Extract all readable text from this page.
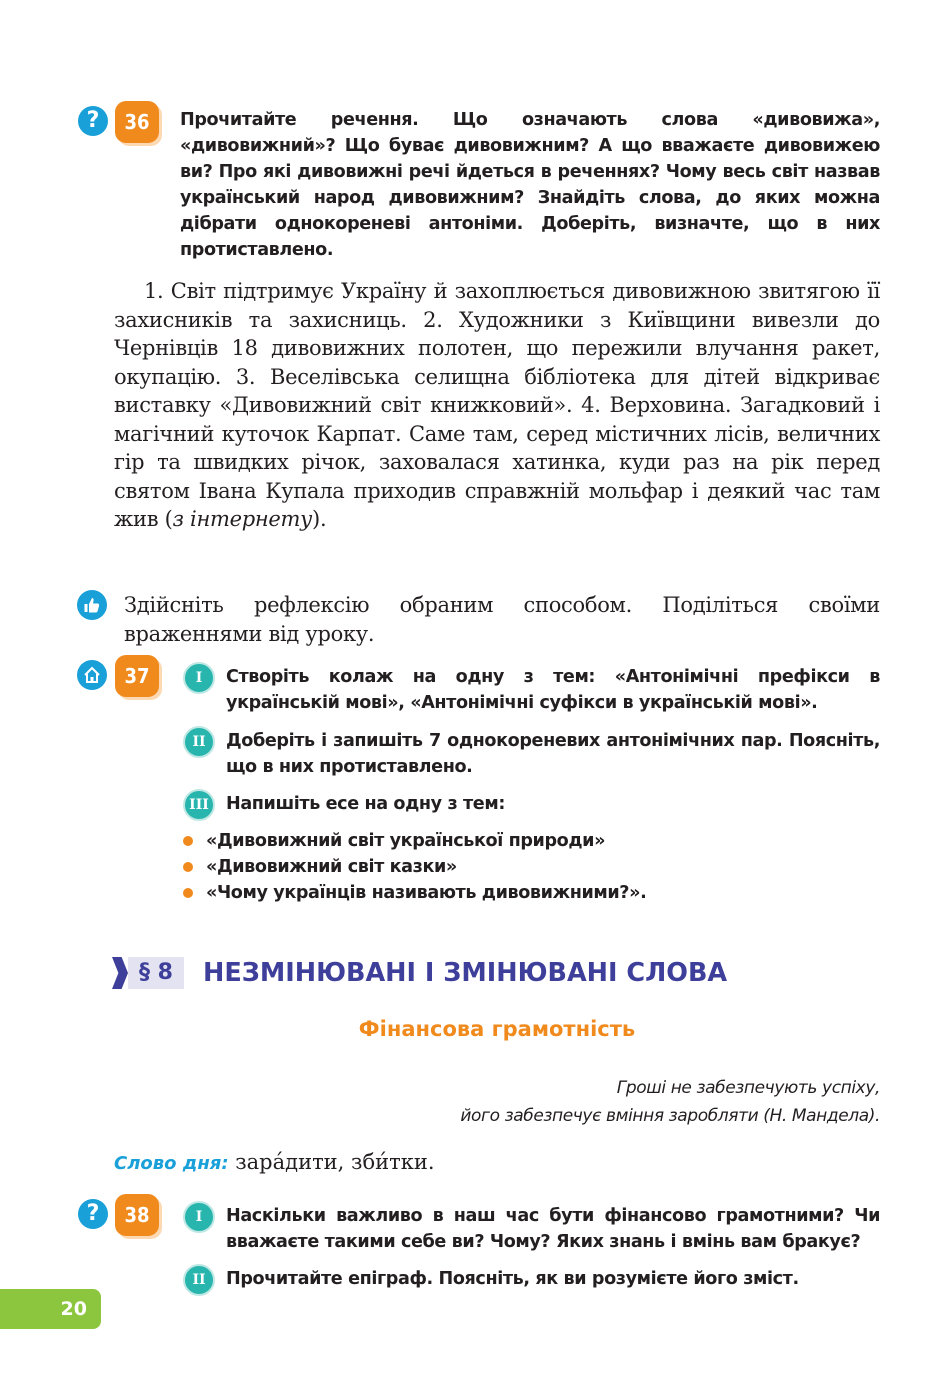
?	36	Прочитайте речення. Що означають слова «дивовижа», «дивовижний»? Що буває дивовижним? А що вважаєте дивовижею ви? Про які дивовижні речі йдеться в реченнях? Чому весь світ назвав український народ дивовижним? Знайдіть слова, до яких можна дібрати однокореневі антоніми. Доберіть, визначте, що в них протиставлено.
1. Світ підтримує Україну й захоплюється дивовижною звитягою її захисників та захисниць. 2. Художники з Київщини вивезли до Чернівців 18 дивовижних полотен, що пережили влучання ракет, окупацію. 3. Веселівська селищна бібліотека для дітей відкриває виставку «Дивовижний світ книжковий». 4. Верховина. Загадковий і магічний куточок Карпат. Саме там, серед містичних лісів, величних гір та швидких річок, заховалася хатинка, куди раз на рік перед святом Івана Купала приходив справжній мольфар і деякий час там жив (з інтернету).
Здійсніть рефлексію обраним способом. Поділіться своїми враженнями від уроку.
37	I	Створіть колаж на одну з тем: «Антонімічні префікси в українській мові», «Антонімічні суфікси в українській мові».
II	Доберіть і запишіть 7 однокореневих антонімічних пар. Поясніть, що в них протиставлено.
III Напишіть есе на одну з тем:
«Дивовижний світ української природи»
«Дивовижний світ казки»
«Чому українців називають дивовижними?».
§ 8	НЕЗМІНЮВАНІ І ЗМІНЮВАНІ СЛОВА
Фінансова грамотність
Гроші не забезпечують успіху,
його забезпечує вміння заробляти (Н. Мандела).
Слово дня: зара́дити, зби́тки.
?	38	I	Наскільки важливо в наш час бути фінансово грамотними? Чи вважаєте такими себе ви? Чому? Яких знань і вмінь вам бракує?
II	Прочитайте епіграф. Поясніть, як ви розумієте його зміст.
20
